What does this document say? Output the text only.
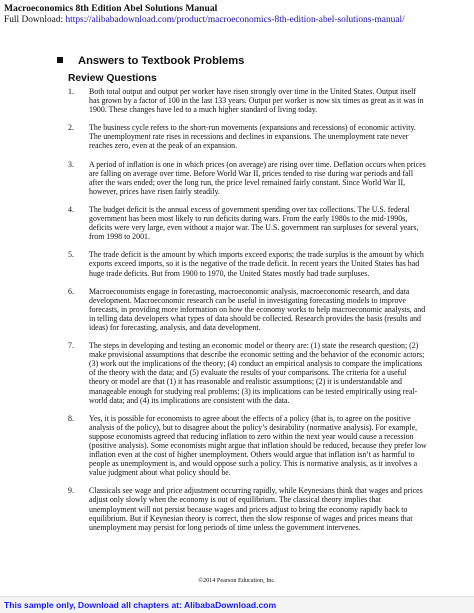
Macroeconomics 8th Edition Abel Solutions Manual
Full Download: https://alibabadownload.com/product/macroeconomics-8th-edition-abel-solutions-manual/
Answers to Textbook Problems
Review Questions
1.	Both total output and output per worker have risen strongly over time in the United States. Output itself has grown by a factor of 100 in the last 133 years. Output per worker is now six times as great as it was in 1900. These changes have led to a much higher standard of living today.
2.	The business cycle refers to the short-run movements (expansions and recessions) of economic activity. The unemployment rate rises in recessions and declines in expansions. The unemployment rate never reaches zero, even at the peak of an expansion.
3.	A period of inflation is one in which prices (on average) are rising over time. Deflation occurs when prices are falling on average over time. Before World War II, prices tended to rise during war periods and fall after the wars ended; over the long run, the price level remained fairly constant. Since World War II, however, prices have risen fairly steadily.
4.	The budget deficit is the annual excess of government spending over tax collections. The U.S. federal government has been most likely to run deficits during wars. From the early 1980s to the mid-1990s, deficits were very large, even without a major war. The U.S. government ran surpluses for several years, from 1998 to 2001.
5.	The trade deficit is the amount by which imports exceed exports; the trade surplus is the amount by which exports exceed imports, so it is the negative of the trade deficit. In recent years the United States has had huge trade deficits. But from 1900 to 1970, the United States mostly had trade surpluses.
6.	Macroeconomists engage in forecasting, macroeconomic analysis, macroeconomic research, and data development. Macroeconomic research can be useful in investigating forecasting models to improve forecasts, in providing more information on how the economy works to help macroeconomic analysts, and in telling data developers what types of data should be collected. Research provides the basis (results and ideas) for forecasting, analysis, and data development.
7.	The steps in developing and testing an economic model or theory are: (1) state the research question; (2) make provisional assumptions that describe the economic setting and the behavior of the economic actors; (3) work out the implications of the theory; (4) conduct an empirical analysis to compare the implications of the theory with the data; and (5) evaluate the results of your comparisons. The criteria for a useful theory or model are that (1) it has reasonable and realistic assumptions; (2) it is understandable and manageable enough for studying real problems; (3) its implications can be tested empirically using real-world data; and (4) its implications are consistent with the data.
8.	Yes, it is possible for economists to agree about the effects of a policy (that is, to agree on the positive analysis of the policy), but to disagree about the policy’s desirability (normative analysis). For example, suppose economists agreed that reducing inflation to zero within the next year would cause a recession (positive analysis). Some economists might argue that inflation should be reduced, because they prefer low inflation even at the cost of higher unemployment. Others would argue that inflation isn’t as harmful to people as unemployment is, and would oppose such a policy. This is normative analysis, as it involves a value judgment about what policy should be.
9.	Classicals see wage and price adjustment occurring rapidly, while Keynesians think that wages and prices adjust only slowly when the economy is out of equilibrium. The classical theory implies that unemployment will not persist because wages and prices adjust to bring the economy rapidly back to equilibrium. But if Keynesian theory is correct, then the slow response of wages and prices means that unemployment may persist for long periods of time unless the government intervenes.
©2014 Pearson Education, Inc.
This sample only, Download all chapters at: AlibabaDownload.com
